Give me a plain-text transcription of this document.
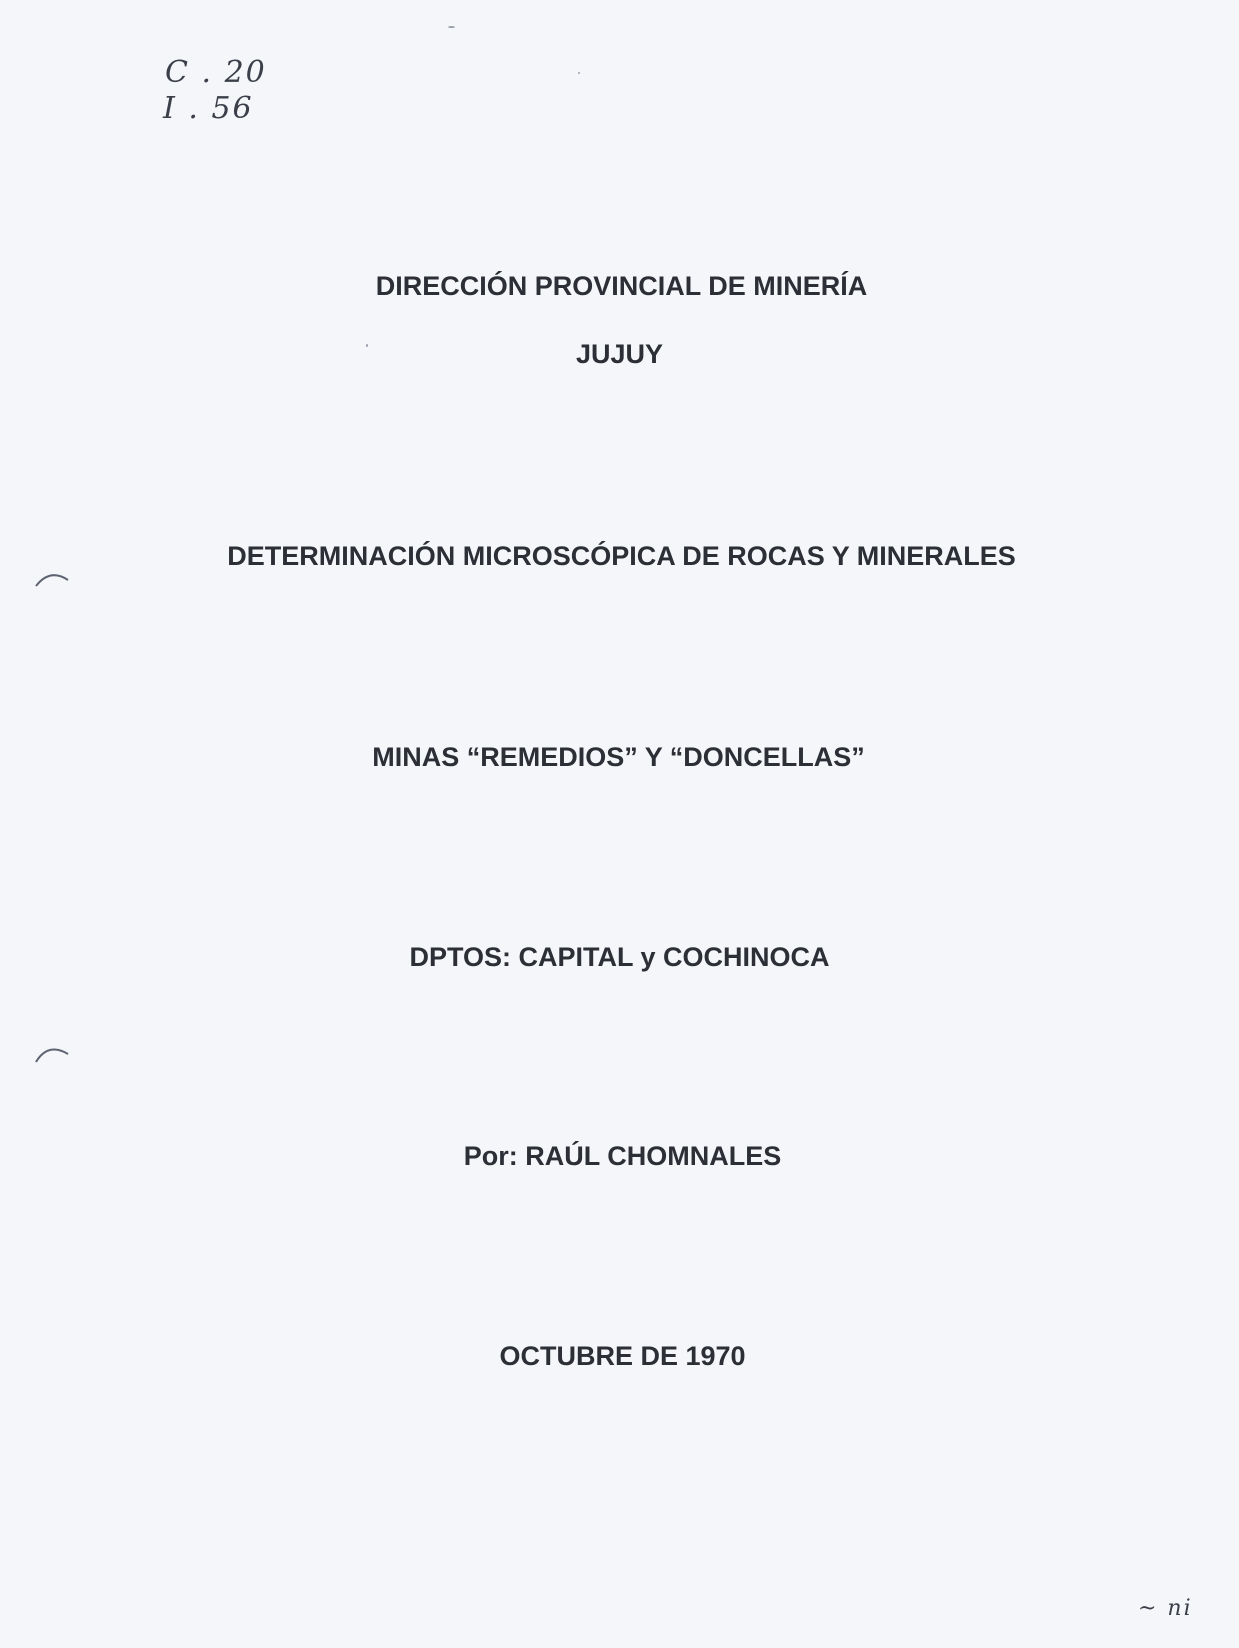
C . 20
I . 56
DIRECCIÓN PROVINCIAL DE MINERÍA
JUJUY
DETERMINACIÓN MICROSCÓPICA DE ROCAS Y MINERALES
MINAS “REMEDIOS” Y “DONCELLAS”
DPTOS: CAPITAL y COCHINOCA
Por: RAÚL CHOMNALES
OCTUBRE DE 1970
~ ni
